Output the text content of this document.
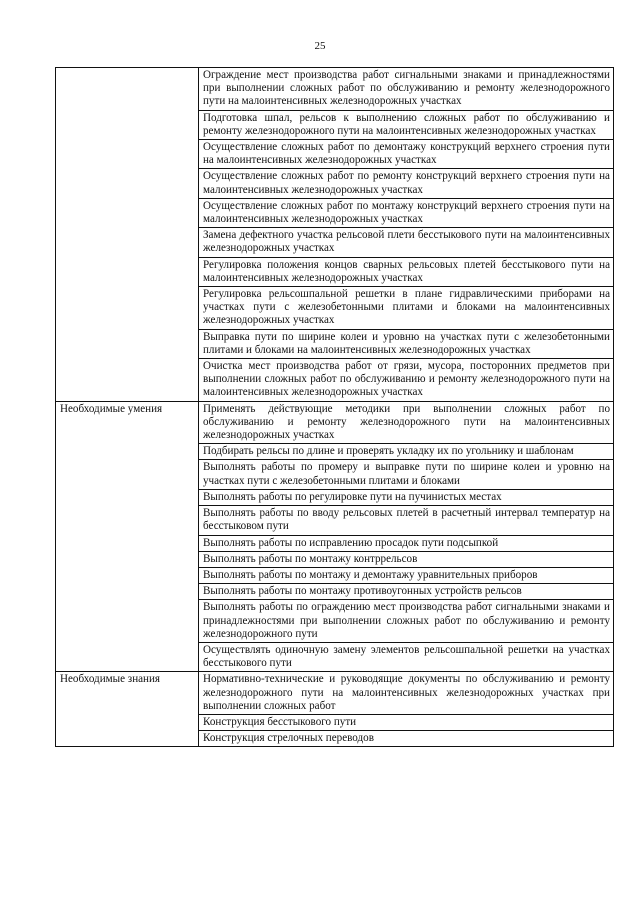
25
	Ограждение мест производства работ сигнальными знаками и принадлежностями при выполнении сложных работ по обслуживанию и ремонту железнодорожного пути на малоинтенсивных железнодорожных участках
	Подготовка шпал, рельсов к выполнению сложных работ по обслуживанию и ремонту железнодорожного пути на малоинтенсивных железнодорожных участках
	Осуществление сложных работ по демонтажу конструкций верхнего строения пути на малоинтенсивных железнодорожных участках
	Осуществление сложных работ по ремонту конструкций верхнего строения пути на малоинтенсивных железнодорожных участках
	Осуществление сложных работ по монтажу конструкций верхнего строения пути на малоинтенсивных железнодорожных участках
	Замена дефектного участка рельсовой плети бесстыкового пути на малоинтенсивных железнодорожных участках
	Регулировка положения концов сварных рельсовых плетей бесстыкового пути на малоинтенсивных железнодорожных участках
	Регулировка рельсошпальной решетки в плане гидравлическими приборами на участках пути с железобетонными плитами и блоками на малоинтенсивных железнодорожных участках
	Выправка пути по ширине колеи и уровню на участках пути с железобетонными плитами и блоками на малоинтенсивных железнодорожных участках
	Очистка мест производства работ от грязи, мусора, посторонних предметов при выполнении сложных работ по обслуживанию и ремонту железнодорожного пути на малоинтенсивных железнодорожных участках
Необходимые умения	Применять действующие методики при выполнении сложных работ по обслуживанию и ремонту железнодорожного пути на малоинтенсивных железнодорожных участках
	Подбирать рельсы по длине и проверять укладку их по угольнику и шаблонам
	Выполнять работы по промеру и выправке пути по ширине колеи и уровню на участках пути с железобетонными плитами и блоками
	Выполнять работы по регулировке пути на пучинистых местах
	Выполнять работы по вводу рельсовых плетей в расчетный интервал температур на бесстыковом пути
	Выполнять работы по исправлению просадок пути подсыпкой
	Выполнять работы по монтажу контррельсов
	Выполнять работы по монтажу и демонтажу уравнительных приборов
	Выполнять работы по монтажу противоугонных устройств рельсов
	Выполнять работы по ограждению мест производства работ сигнальными знаками и принадлежностями при выполнении сложных работ по обслуживанию и ремонту железнодорожного пути
	Осуществлять одиночную замену элементов рельсошпальной решетки на участках бесстыкового пути
Необходимые знания	Нормативно-технические и руководящие документы по обслуживанию и ремонту железнодорожного пути на малоинтенсивных железнодорожных участках при выполнении сложных работ
	Конструкция бесстыкового пути
	Конструкция стрелочных переводов
